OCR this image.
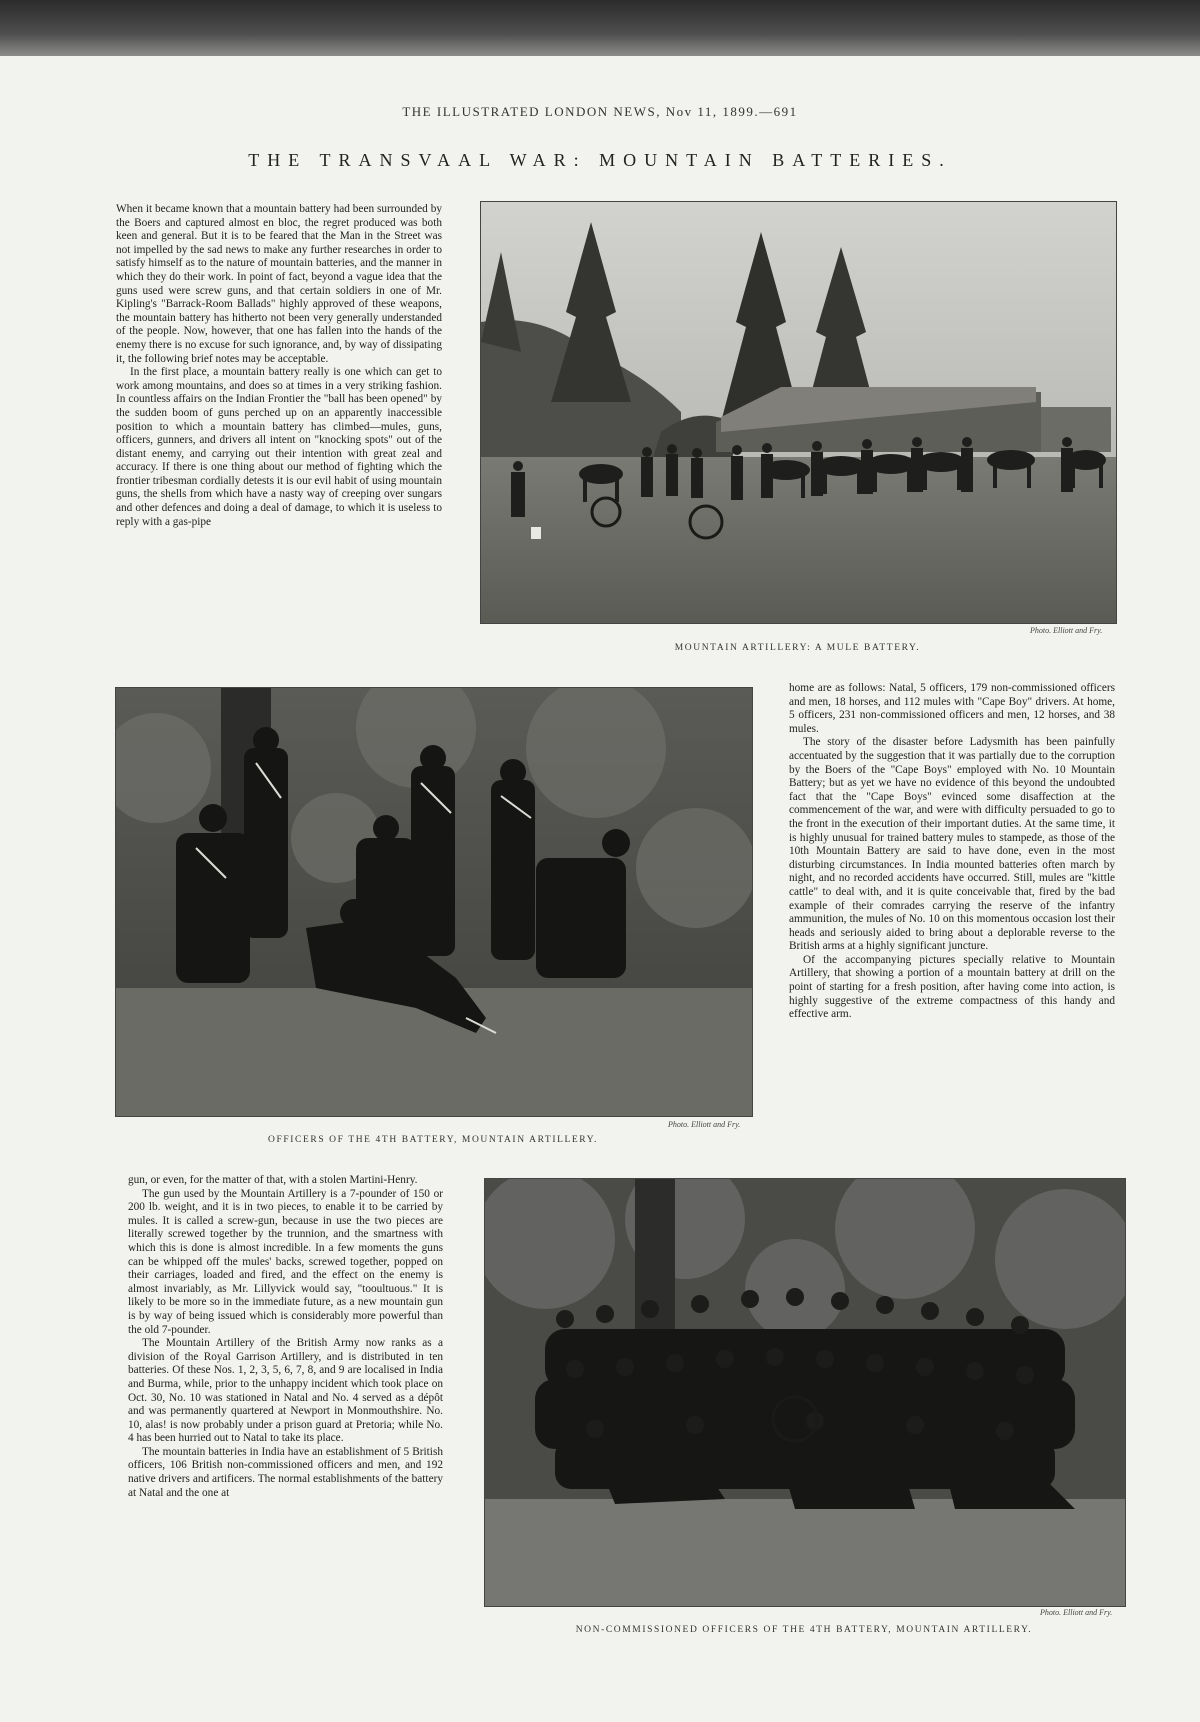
THE ILLUSTRATED LONDON NEWS, Nov 11, 1899.—691
THE TRANSVAAL WAR: MOUNTAIN BATTERIES.

When it became known that a mountain battery had been surrounded by the Boers and captured almost en bloc, the regret produced was both keen and general. But it is to be feared that the Man in the Street was not impelled by the sad news to make any further researches in order to satisfy himself as to the nature of mountain batteries, and the manner in which they do their work. In point of fact, beyond a vague idea that the guns used were screw guns, and that certain soldiers in one of Mr. Kipling's "Barrack-Room Ballads" highly approved of these weapons, the mountain battery has hitherto not been very generally understanded of the people. Now, however, that one has fallen into the hands of the enemy there is no excuse for such ignorance, and, by way of dissipating it, the following brief notes may be acceptable.

In the first place, a mountain battery really is one which can get to work among mountains, and does so at times in a very striking fashion. In countless affairs on the Indian Frontier the "ball has been opened" by the sudden boom of guns perched up on an apparently inaccessible position to which a mountain battery has climbed—mules, guns, officers, gunners, and drivers all intent on "knocking spots" out of the distant enemy, and carrying out their intention with great zeal and accuracy. If there is one thing about our method of fighting which the frontier tribesman cordially detests it is our evil habit of using mountain guns, the shells from which have a nasty way of creeping over sungars and other defences and doing a deal of damage, to which it is useless to reply with a gas-pipe

Photo. Elliott and Fry.
MOUNTAIN ARTILLERY: A MULE BATTERY.
Photo. Elliott and Fry.
OFFICERS OF THE 4TH BATTERY, MOUNTAIN ARTILLERY.

home are as follows: Natal, 5 officers, 179 non-commissioned officers and men, 18 horses, and 112 mules with "Cape Boy" drivers. At home, 5 officers, 231 non-commissioned officers and men, 12 horses, and 38 mules.

The story of the disaster before Ladysmith has been painfully accentuated by the suggestion that it was partially due to the corruption by the Boers of the "Cape Boys" employed with No. 10 Mountain Battery; but as yet we have no evidence of this beyond the undoubted fact that the "Cape Boys" evinced some disaffection at the commencement of the war, and were with difficulty persuaded to go to the front in the execution of their important duties. At the same time, it is highly unusual for trained battery mules to stampede, as those of the 10th Mountain Battery are said to have done, even in the most disturbing circumstances. In India mounted batteries often march by night, and no recorded accidents have occurred. Still, mules are "kittle cattle" to deal with, and it is quite conceivable that, fired by the bad example of their comrades carrying the reserve of the infantry ammunition, the mules of No. 10 on this momentous occasion lost their heads and seriously aided to bring about a deplorable reverse to the British arms at a highly significant juncture.

Of the accompanying pictures specially relative to Mountain Artillery, that showing a portion of a mountain battery at drill on the point of starting for a fresh position, after having come into action, is highly suggestive of the extreme compactness of this handy and effective arm.

gun, or even, for the matter of that, with a stolen Martini-Henry.

The gun used by the Mountain Artillery is a 7-pounder of 150 or 200 lb. weight, and it is in two pieces, to enable it to be carried by mules. It is called a screw-gun, because in use the two pieces are literally screwed together by the trunnion, and the smartness with which this is done is almost incredible. In a few moments the guns can be whipped off the mules' backs, screwed together, popped on their carriages, loaded and fired, and the effect on the enemy is almost invariably, as Mr. Lillyvick would say, "tooultuous." It is likely to be more so in the immediate future, as a new mountain gun is by way of being issued which is considerably more powerful than the old 7-pounder.

The Mountain Artillery of the British Army now ranks as a division of the Royal Garrison Artillery, and is distributed in ten batteries. Of these Nos. 1, 2, 3, 5, 6, 7, 8, and 9 are localised in India and Burma, while, prior to the unhappy incident which took place on Oct. 30, No. 10 was stationed in Natal and No. 4 served as a dépôt and was permanently quartered at Newport in Monmouthshire. No. 10, alas! is now probably under a prison guard at Pretoria; while No. 4 has been hurried out to Natal to take its place.

The mountain batteries in India have an establishment of 5 British officers, 106 British non-commissioned officers and men, and 192 native drivers and artificers. The normal establishments of the battery at Natal and the one at

Photo. Elliott and Fry.
NON-COMMISSIONED OFFICERS OF THE 4TH BATTERY, MOUNTAIN ARTILLERY.
